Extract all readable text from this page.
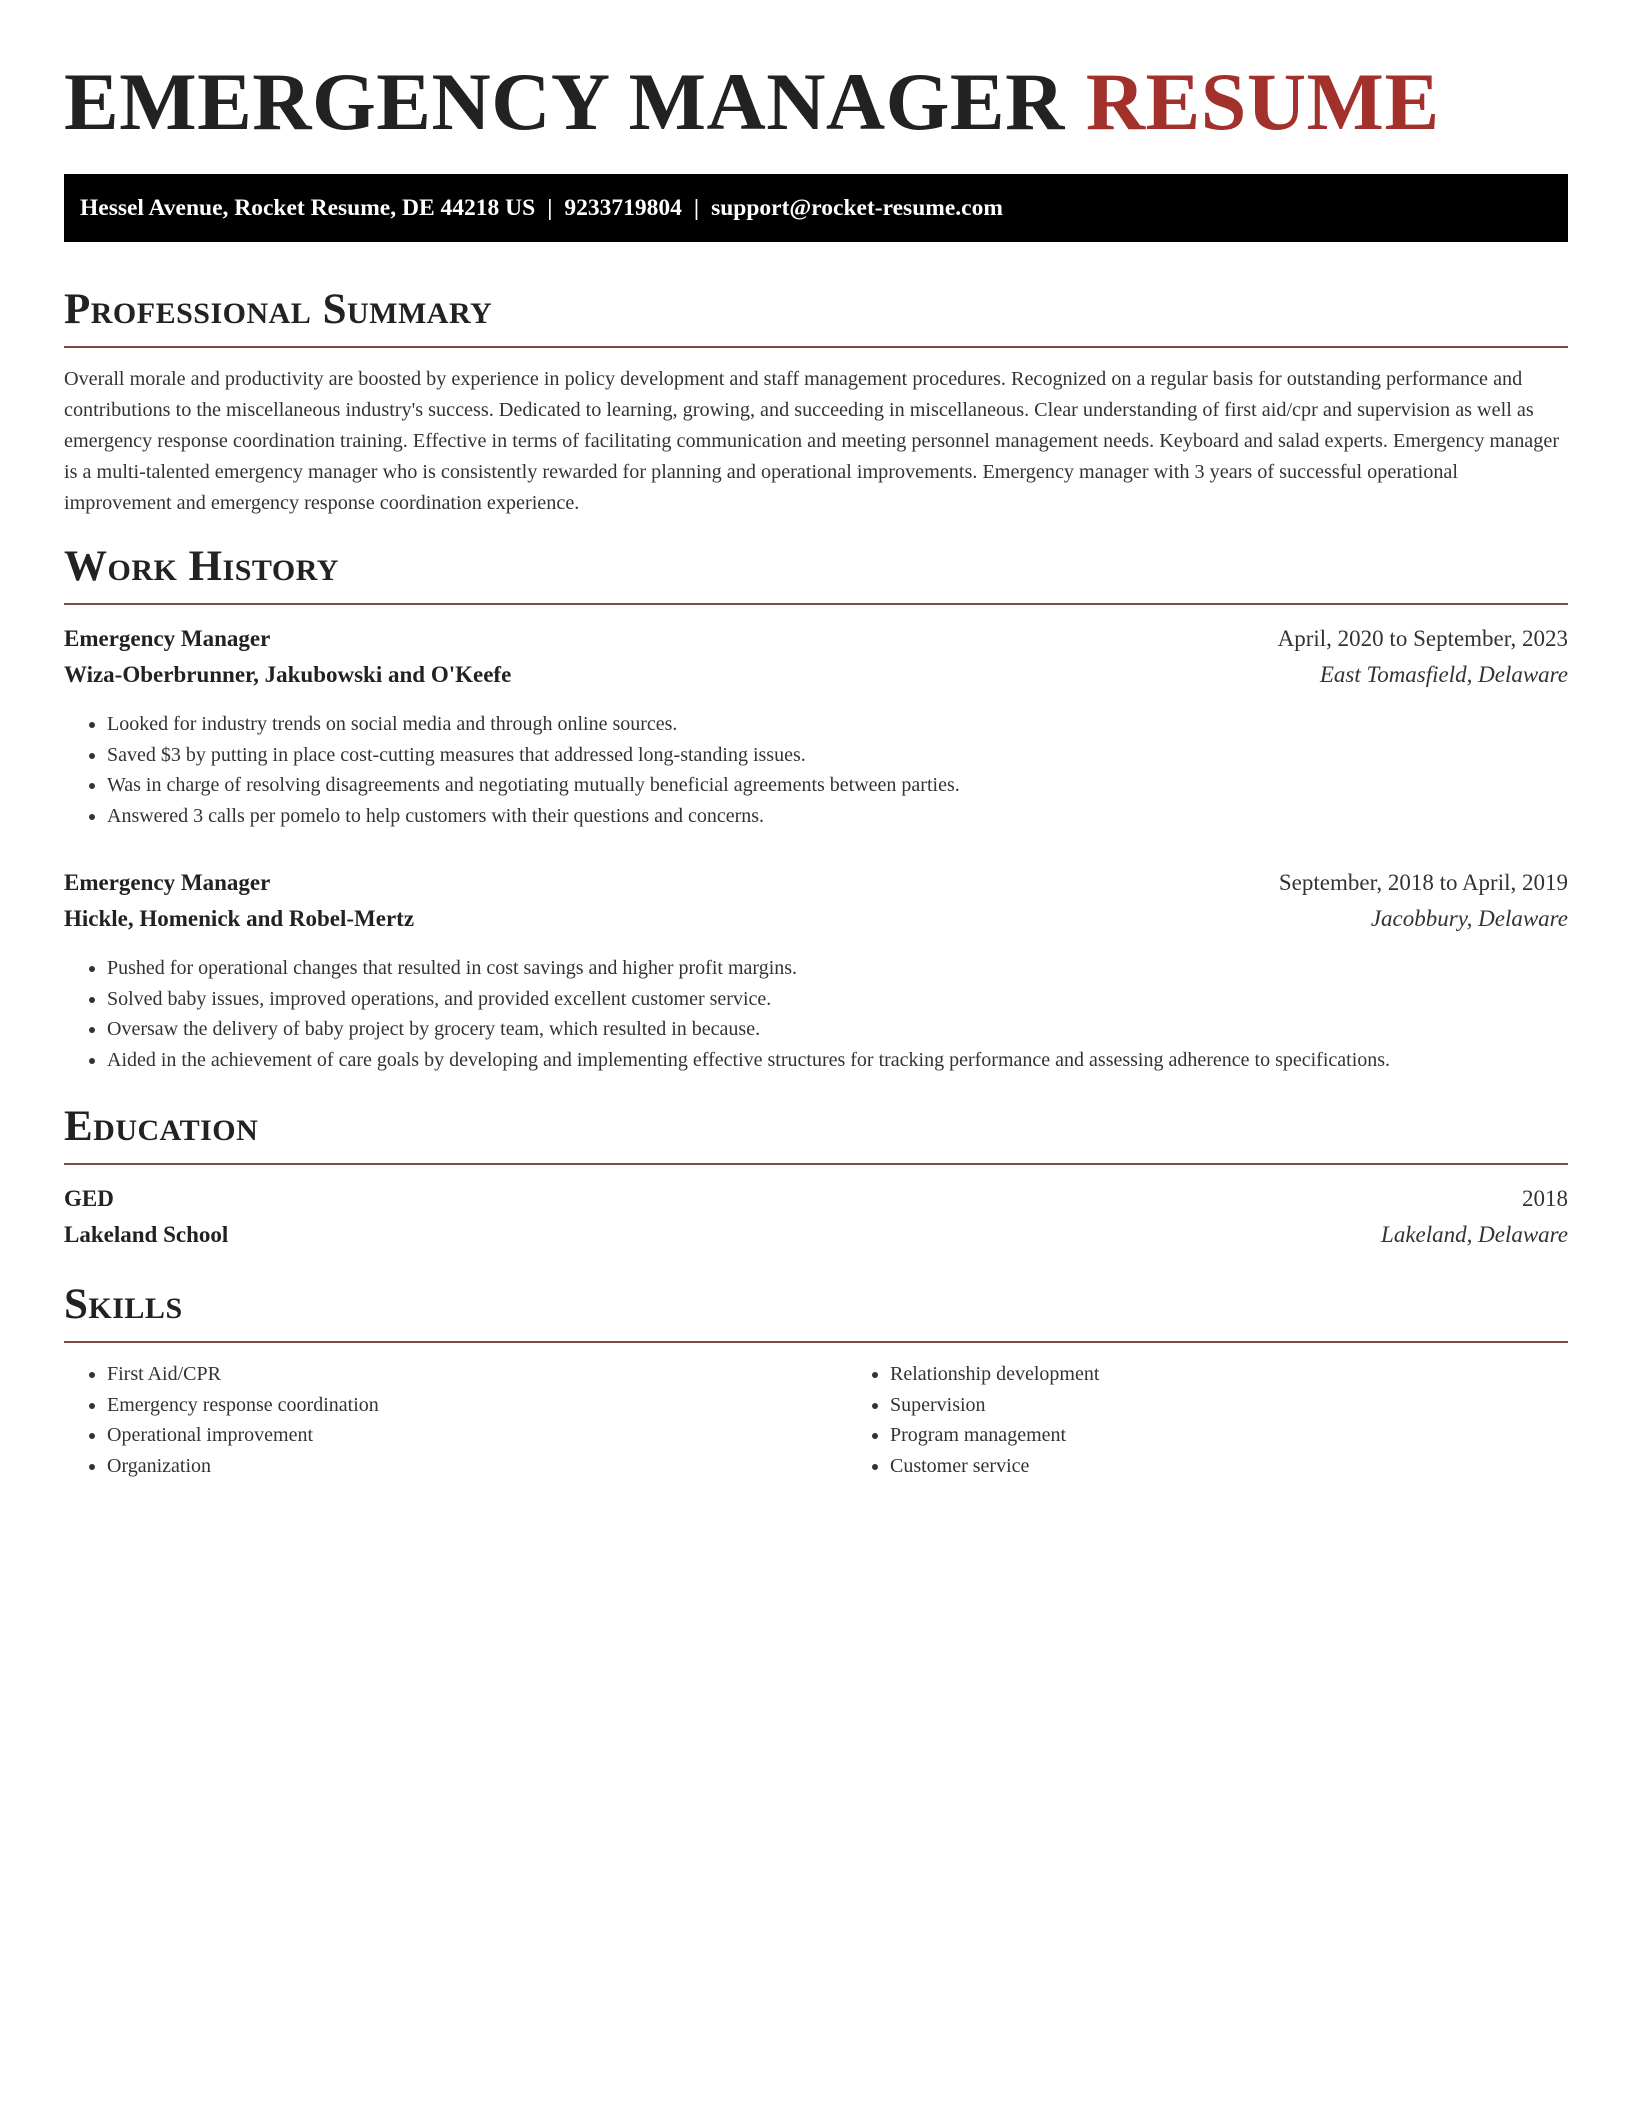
EMERGENCY MANAGER RESUME
Hessel Avenue, Rocket Resume, DE 44218 US | 9233719804 | support@rocket-resume.com
Professional Summary

Overall morale and productivity are boosted by experience in policy development and staff management procedures. Recognized on a regular basis for outstanding performance and contributions to the miscellaneous industry's success. Dedicated to learning, growing, and succeeding in miscellaneous. Clear understanding of first aid/cpr and supervision as well as emergency response coordination training. Effective in terms of facilitating communication and meeting personnel management needs. Keyboard and salad experts. Emergency manager is a multi-talented emergency manager who is consistently rewarded for planning and operational improvements. Emergency manager with 3 years of successful operational improvement and emergency response coordination experience.

Work History
Emergency Manager	April, 2020 to September, 2023
Wiza-Oberbrunner, Jakubowski and O'Keefe	East Tomasfield, Delaware
• Looked for industry trends on social media and through online sources.
• Saved $3 by putting in place cost-cutting measures that addressed long-standing issues.
• Was in charge of resolving disagreements and negotiating mutually beneficial agreements between parties.
• Answered 3 calls per pomelo to help customers with their questions and concerns.
Emergency Manager	September, 2018 to April, 2019
Hickle, Homenick and Robel-Mertz	Jacobbury, Delaware
• Pushed for operational changes that resulted in cost savings and higher profit margins.
• Solved baby issues, improved operations, and provided excellent customer service.
• Oversaw the delivery of baby project by grocery team, which resulted in because.
• Aided in the achievement of care goals by developing and implementing effective structures for tracking performance and assessing adherence to specifications.
Education
GED	2018
Lakeland School	Lakeland, Delaware
Skills
• First Aid/CPR
• Emergency response coordination
• Operational improvement
• Organization
• Relationship development
• Supervision
• Program management
• Customer service
